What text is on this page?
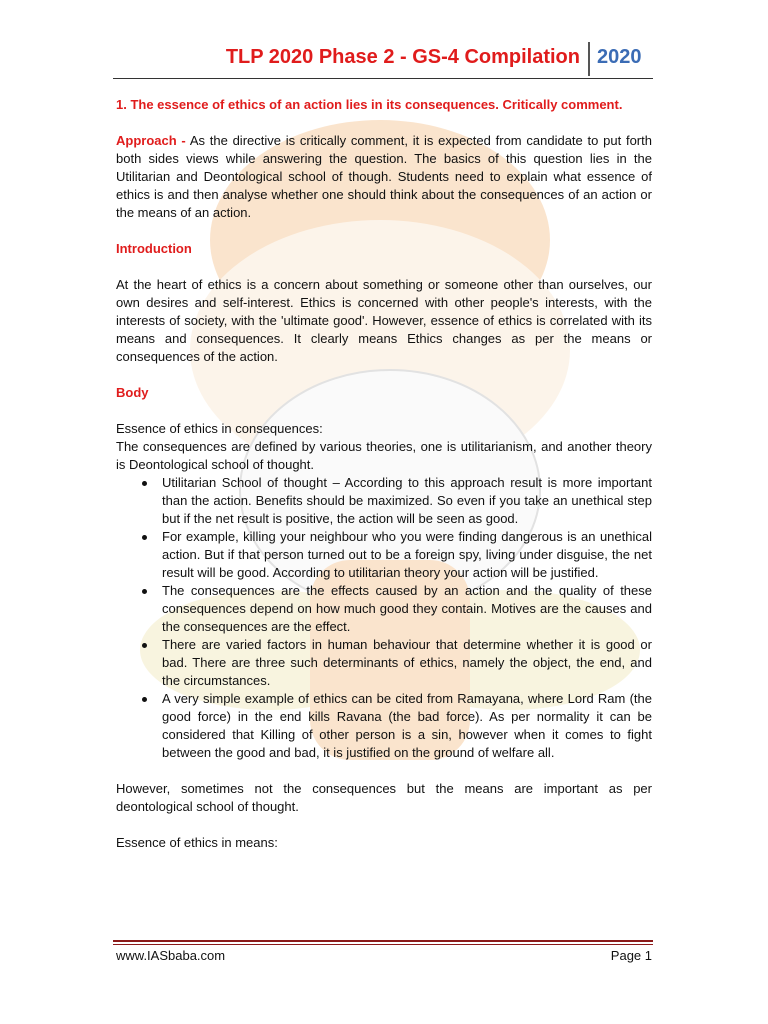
TLP 2020 Phase 2 - GS-4 Compilation 2020

1. The essence of ethics of an action lies in its consequences. Critically comment.

Approach - As the directive is critically comment, it is expected from candidate to put forth both sides views while answering the question. The basics of this question lies in the Utilitarian and Deontological school of though. Students need to explain what essence of ethics is and then analyse whether one should think about the consequences of an action or the means of an action.

Introduction

At the heart of ethics is a concern about something or someone other than ourselves, our own desires and self-interest. Ethics is concerned with other people's interests, with the interests of society, with the 'ultimate good'. However, essence of ethics is correlated with its means and consequences. It clearly means Ethics changes as per the means or consequences of the action.

Body

Essence of ethics in consequences:

The consequences are defined by various theories, one is utilitarianism, and another theory is Deontological school of thought.

Utilitarian School of thought – According to this approach result is more important than the action. Benefits should be maximized. So even if you take an unethical step but if the net result is positive, the action will be seen as good.
For example, killing your neighbour who you were finding dangerous is an unethical action. But if that person turned out to be a foreign spy, living under disguise, the net result will be good. According to utilitarian theory your action will be justified.
The consequences are the effects caused by an action and the quality of these consequences depend on how much good they contain. Motives are the causes and the consequences are the effect.
There are varied factors in human behaviour that determine whether it is good or bad. There are three such determinants of ethics, namely the object, the end, and the circumstances.
A very simple example of ethics can be cited from Ramayana, where Lord Ram (the good force) in the end kills Ravana (the bad force). As per normality it can be considered that Killing of other person is a sin, however when it comes to fight between the good and bad, it is justified on the ground of welfare all.

However, sometimes not the consequences but the means are important as per deontological school of thought.

Essence of ethics in means:

www.IASbaba.com	Page 1
